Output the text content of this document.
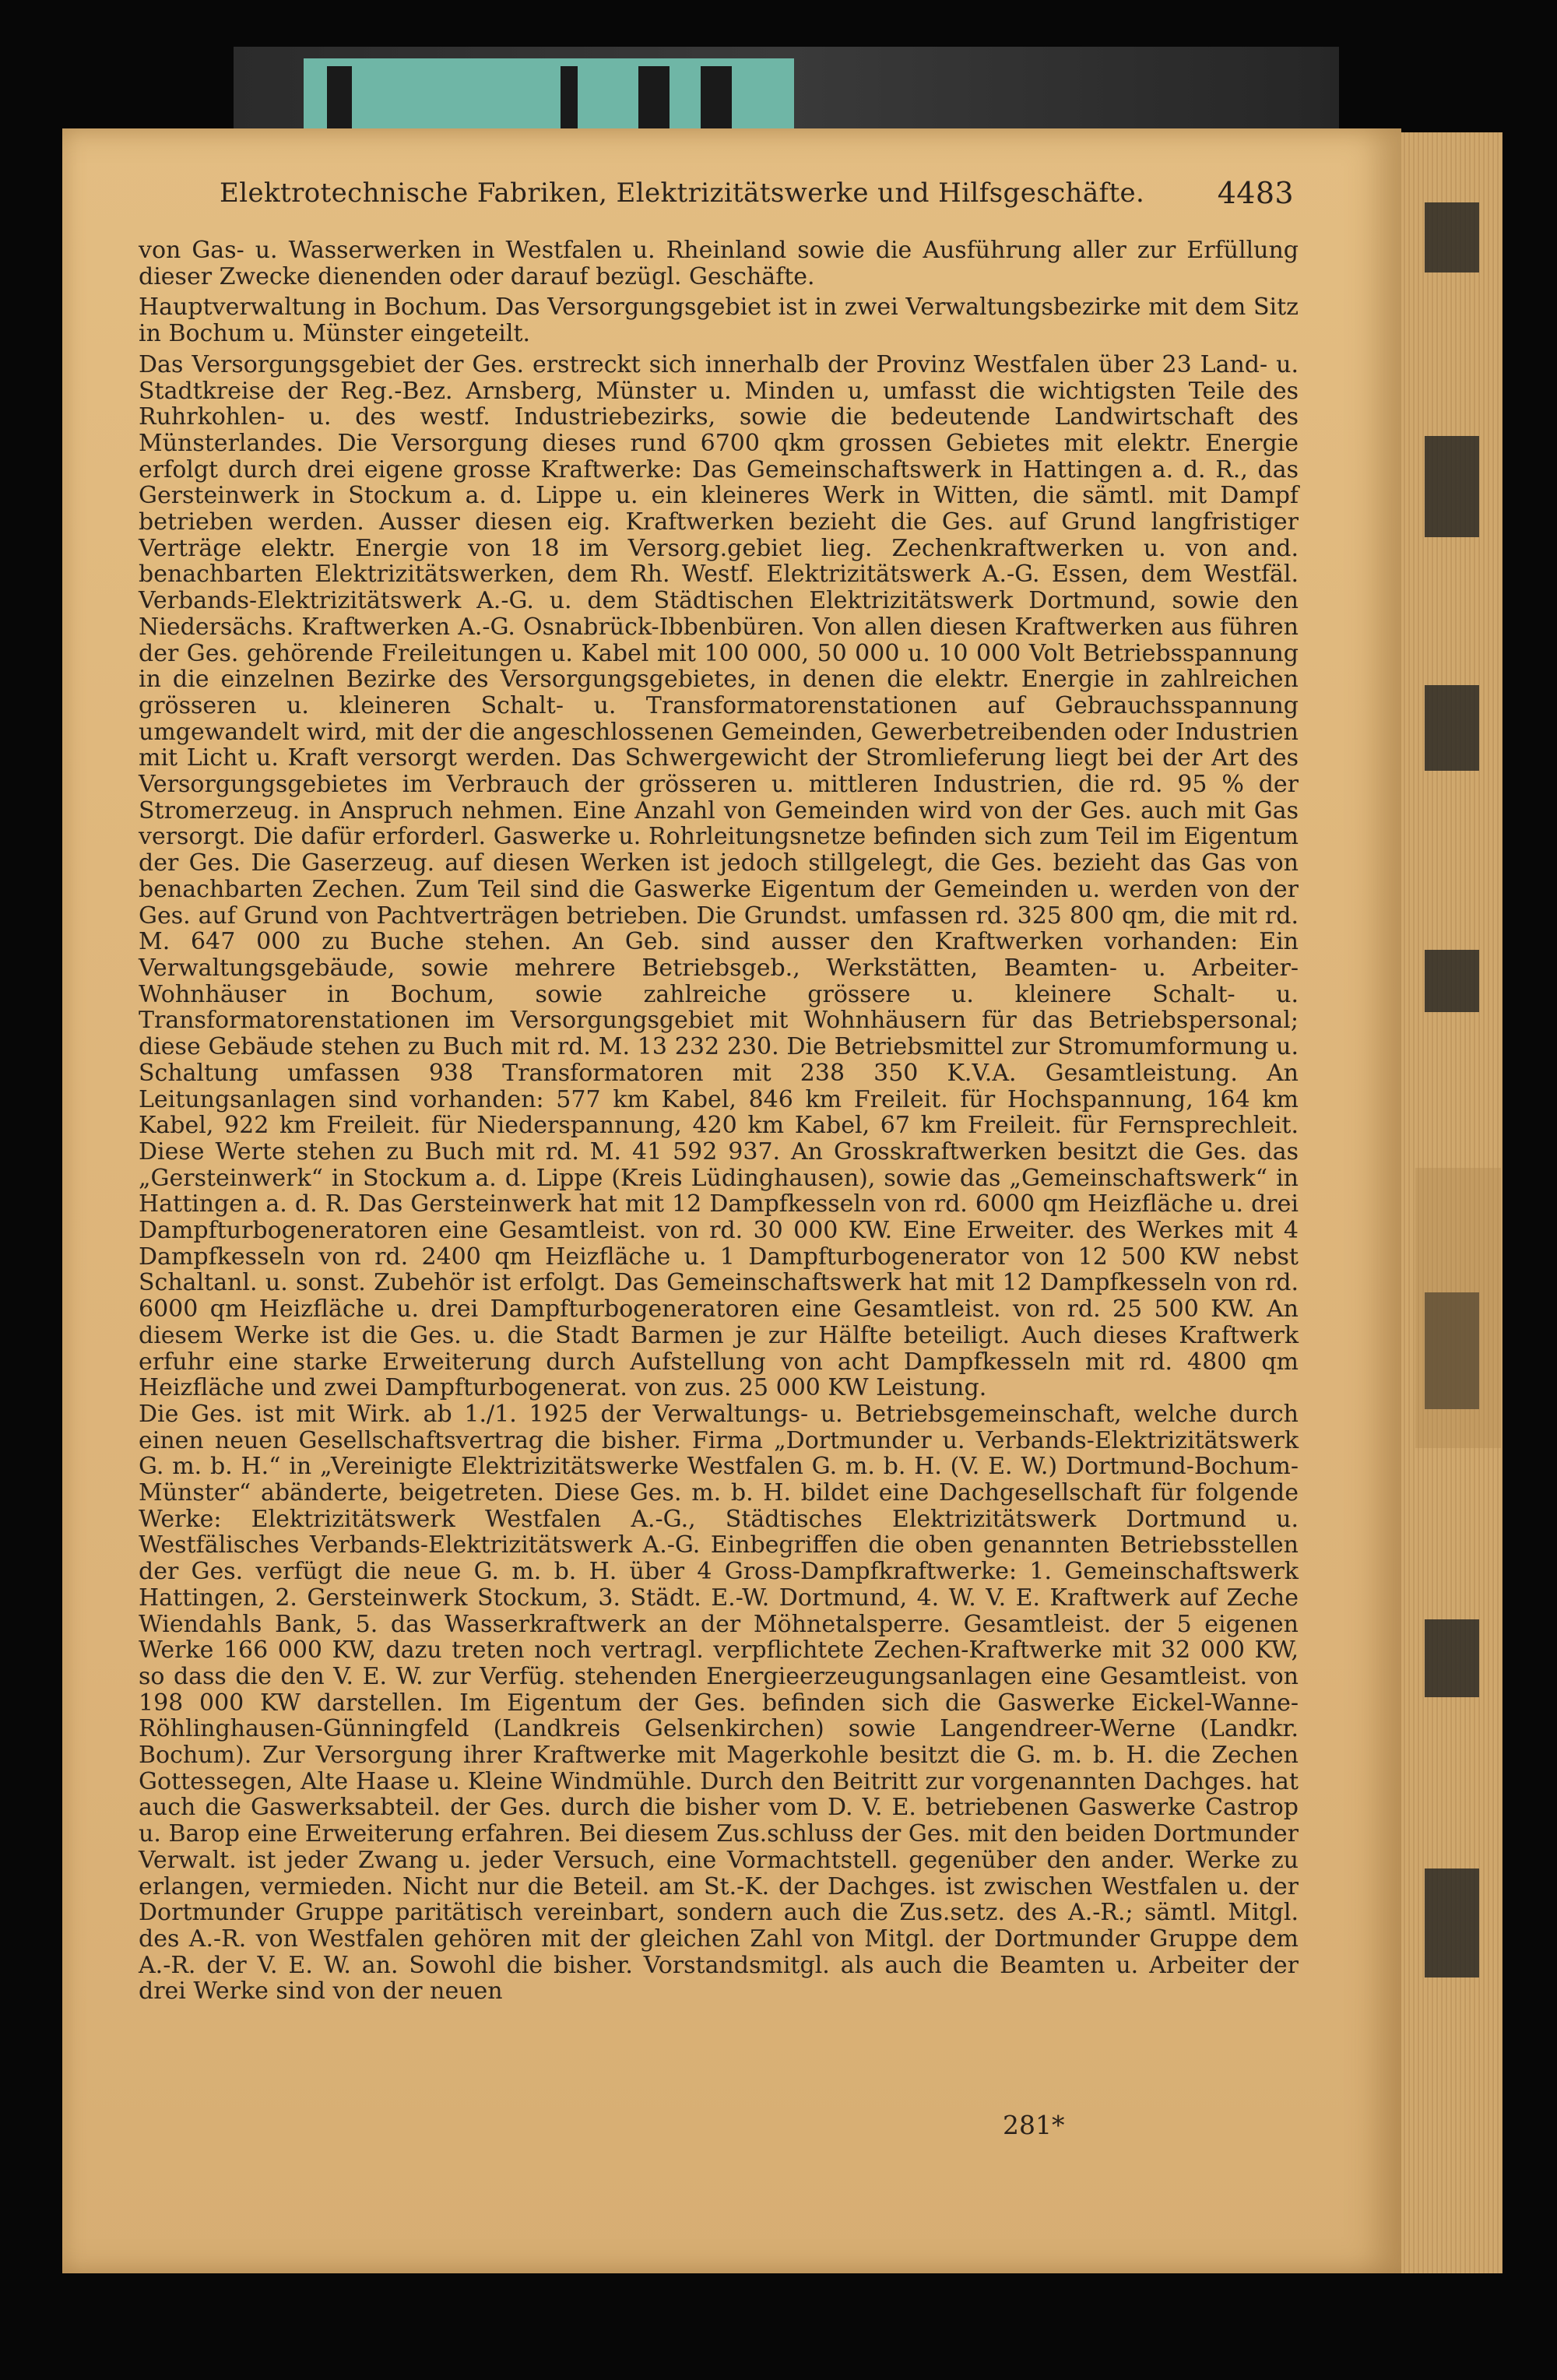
Elektrotechnische Fabriken, Elektrizitätswerke und Hilfsgeschäfte. 4483

von Gas- u. Wasserwerken in Westfalen u. Rheinland sowie die Ausführung aller zur Erfüllung dieser Zwecke dienenden oder darauf bezügl. Geschäfte.

Hauptverwaltung in Bochum. Das Versorgungsgebiet ist in zwei Verwaltungsbezirke mit dem Sitz in Bochum u. Münster eingeteilt.

Das Versorgungsgebiet der Ges. erstreckt sich innerhalb der Provinz Westfalen über 23 Land- u. Stadtkreise der Reg.-Bez. Arnsberg, Münster u. Minden u, umfasst die wichtigsten Teile des Ruhrkohlen- u. des westf. Industriebezirks, sowie die bedeutende Landwirtschaft des Münsterlandes. Die Versorgung dieses rund 6700 qkm grossen Gebietes mit elektr. Energie erfolgt durch drei eigene grosse Kraftwerke: Das Gemeinschaftswerk in Hattingen a. d. R., das Gersteinwerk in Stockum a. d. Lippe u. ein kleineres Werk in Witten, die sämtl. mit Dampf betrieben werden. Ausser diesen eig. Kraftwerken bezieht die Ges. auf Grund langfristiger Verträge elektr. Energie von 18 im Versorg.gebiet lieg. Zechenkraftwerken u. von and. benachbarten Elektrizitätswerken, dem Rh. Westf. Elektrizitätswerk A.-G. Essen, dem Westfäl. Verbands-Elektrizitätswerk A.-G. u. dem Städtischen Elektrizitätswerk Dortmund, sowie den Niedersächs. Kraftwerken A.-G. Osnabrück-Ibbenbüren. Von allen diesen Kraftwerken aus führen der Ges. gehörende Freileitungen u. Kabel mit 100 000, 50 000 u. 10 000 Volt Betriebsspannung in die einzelnen Bezirke des Versorgungsgebietes, in denen die elektr. Energie in zahlreichen grösseren u. kleineren Schalt- u. Transformatorenstationen auf Gebrauchsspannung umgewandelt wird, mit der die angeschlossenen Gemeinden, Gewerbetreibenden oder Industrien mit Licht u. Kraft versorgt werden. Das Schwergewicht der Stromlieferung liegt bei der Art des Versorgungsgebietes im Verbrauch der grösseren u. mittleren Industrien, die rd. 95 % der Stromerzeug. in Anspruch nehmen. Eine Anzahl von Gemeinden wird von der Ges. auch mit Gas versorgt. Die dafür erforderl. Gaswerke u. Rohrleitungsnetze befinden sich zum Teil im Eigentum der Ges. Die Gaserzeug. auf diesen Werken ist jedoch stillgelegt, die Ges. bezieht das Gas von benachbarten Zechen. Zum Teil sind die Gaswerke Eigentum der Gemeinden u. werden von der Ges. auf Grund von Pachtverträgen betrieben. Die Grundst. umfassen rd. 325 800 qm, die mit rd. M. 647 000 zu Buche stehen. An Geb. sind ausser den Kraftwerken vorhanden: Ein Verwaltungsgebäude, sowie mehrere Betriebsgeb., Werkstätten, Beamten- u. Arbeiter-Wohnhäuser in Bochum, sowie zahlreiche grössere u. kleinere Schalt- u. Transformatorenstationen im Versorgungsgebiet mit Wohnhäusern für das Betriebspersonal; diese Gebäude stehen zu Buch mit rd. M. 13 232 230. Die Betriebsmittel zur Stromumformung u. Schaltung umfassen 938 Transformatoren mit 238 350 K.V.A. Gesamtleistung. An Leitungsanlagen sind vorhanden: 577 km Kabel, 846 km Freileit. für Hochspannung, 164 km Kabel, 922 km Freileit. für Niederspannung, 420 km Kabel, 67 km Freileit. für Fernsprechleit. Diese Werte stehen zu Buch mit rd. M. 41 592 937. An Grosskraftwerken besitzt die Ges. das „Gersteinwerk“ in Stockum a. d. Lippe (Kreis Lüdinghausen), sowie das „Gemeinschaftswerk“ in Hattingen a. d. R. Das Gersteinwerk hat mit 12 Dampfkesseln von rd. 6000 qm Heizfläche u. drei Dampfturbogeneratoren eine Gesamtleist. von rd. 30 000 KW. Eine Erweiter. des Werkes mit 4 Dampfkesseln von rd. 2400 qm Heizfläche u. 1 Dampfturbogenerator von 12 500 KW nebst Schaltanl. u. sonst. Zubehör ist erfolgt. Das Gemeinschaftswerk hat mit 12 Dampfkesseln von rd. 6000 qm Heizfläche u. drei Dampfturbogeneratoren eine Gesamtleist. von rd. 25 500 KW. An diesem Werke ist die Ges. u. die Stadt Barmen je zur Hälfte beteiligt. Auch dieses Kraftwerk erfuhr eine starke Erweiterung durch Aufstellung von acht Dampfkesseln mit rd. 4800 qm Heizfläche und zwei Dampfturbogenerat. von zus. 25 000 KW Leistung.

Die Ges. ist mit Wirk. ab 1./1. 1925 der Verwaltungs- u. Betriebsgemeinschaft, welche durch einen neuen Gesellschaftsvertrag die bisher. Firma „Dortmunder u. Verbands-Elektrizitätswerk G. m. b. H.“ in „Vereinigte Elektrizitätswerke Westfalen G. m. b. H. (V. E. W.) Dortmund-Bochum-Münster“ abänderte, beigetreten. Diese Ges. m. b. H. bildet eine Dachgesellschaft für folgende Werke: Elektrizitätswerk Westfalen A.-G., Städtisches Elektrizitätswerk Dortmund u. Westfälisches Verbands-Elektrizitätswerk A.-G. Einbegriffen die oben genannten Betriebsstellen der Ges. verfügt die neue G. m. b. H. über 4 Gross-Dampfkraftwerke: 1. Gemeinschaftswerk Hattingen, 2. Gersteinwerk Stockum, 3. Städt. E.-W. Dortmund, 4. W. V. E. Kraftwerk auf Zeche Wiendahls Bank, 5. das Wasserkraftwerk an der Möhnetalsperre. Gesamtleist. der 5 eigenen Werke 166 000 KW, dazu treten noch vertragl. verpflichtete Zechen-Kraftwerke mit 32 000 KW, so dass die den V. E. W. zur Verfüg. stehenden Energieerzeugungsanlagen eine Gesamtleist. von 198 000 KW darstellen. Im Eigentum der Ges. befinden sich die Gaswerke Eickel-Wanne-Röhlinghausen-Günningfeld (Landkreis Gelsenkirchen) sowie Langendreer-Werne (Landkr. Bochum). Zur Versorgung ihrer Kraftwerke mit Magerkohle besitzt die G. m. b. H. die Zechen Gottessegen, Alte Haase u. Kleine Windmühle. Durch den Beitritt zur vorgenannten Dachges. hat auch die Gaswerksabteil. der Ges. durch die bisher vom D. V. E. betriebenen Gaswerke Castrop u. Barop eine Erweiterung erfahren. Bei diesem Zus.schluss der Ges. mit den beiden Dortmunder Verwalt. ist jeder Zwang u. jeder Versuch, eine Vormachtstell. gegenüber den ander. Werke zu erlangen, vermieden. Nicht nur die Beteil. am St.-K. der Dachges. ist zwischen Westfalen u. der Dortmunder Gruppe paritätisch vereinbart, sondern auch die Zus.setz. des A.-R.; sämtl. Mitgl. des A.-R. von Westfalen gehören mit der gleichen Zahl von Mitgl. der Dortmunder Gruppe dem A.-R. der V. E. W. an. Sowohl die bisher. Vorstandsmitgl. als auch die Beamten u. Arbeiter der drei Werke sind von der neuen

281*
